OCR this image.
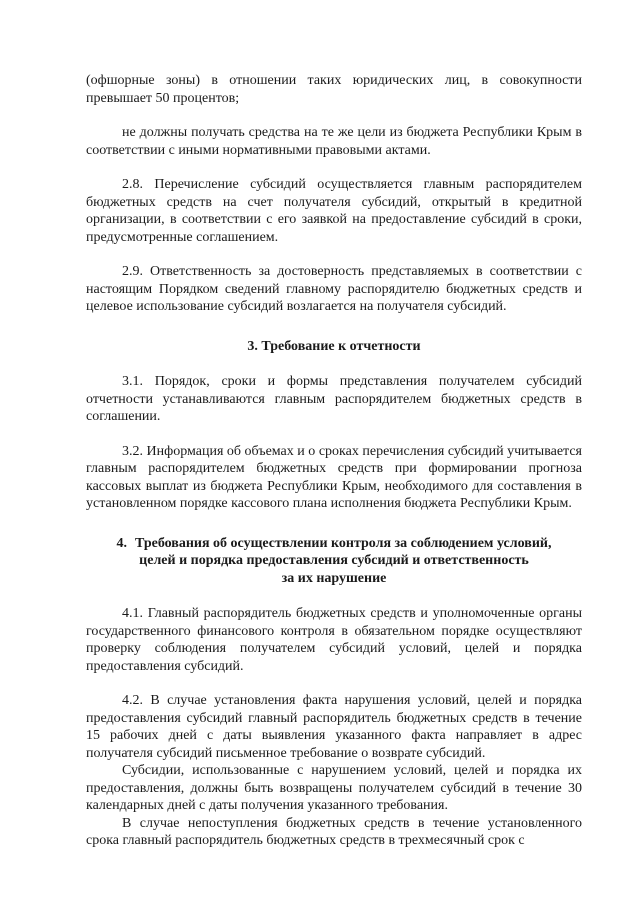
(офшорные зоны) в отношении таких юридических лиц, в совокупности превышает 50 процентов;

не должны получать средства на те же цели из бюджета Республики Крым в соответствии с иными нормативными правовыми актами.

2.8. Перечисление субсидий осуществляется главным распорядителем бюджетных средств на счет получателя субсидий, открытый в кредитной организации, в соответствии с его заявкой на предоставление субсидий в сроки, предусмотренные соглашением.

2.9. Ответственность за достоверность представляемых в соответствии с настоящим Порядком сведений главному распорядителю бюджетных средств и целевое использование субсидий возлагается на получателя субсидий.

3. Требование к отчетности

3.1. Порядок, сроки и формы представления получателем субсидий отчетности устанавливаются главным распорядителем бюджетных средств в соглашении.

3.2. Информация об объемах и о сроках перечисления субсидий учитывается главным распорядителем бюджетных средств при формировании прогноза кассовых выплат из бюджета Республики Крым, необходимого для составления в установленном порядке кассового плана исполнения бюджета Республики Крым.

4. Требования об осуществлении контроля за соблюдением условий,
целей и порядка предоставления субсидий и ответственность
за их нарушение

4.1. Главный распорядитель бюджетных средств и уполномоченные органы государственного финансового контроля в обязательном порядке осуществляют проверку соблюдения получателем субсидий условий, целей и порядка предоставления субсидий.

4.2. В случае установления факта нарушения условий, целей и порядка предоставления субсидий главный распорядитель бюджетных средств в течение 15 рабочих дней с даты выявления указанного факта направляет в адрес получателя субсидий письменное требование о возврате субсидий.

Субсидии, использованные с нарушением условий, целей и порядка их предоставления, должны быть возвращены получателем субсидий в течение 30 календарных дней с даты получения указанного требования.

В случае непоступления бюджетных средств в течение установленного срока главный распорядитель бюджетных средств в трехмесячный срок с
